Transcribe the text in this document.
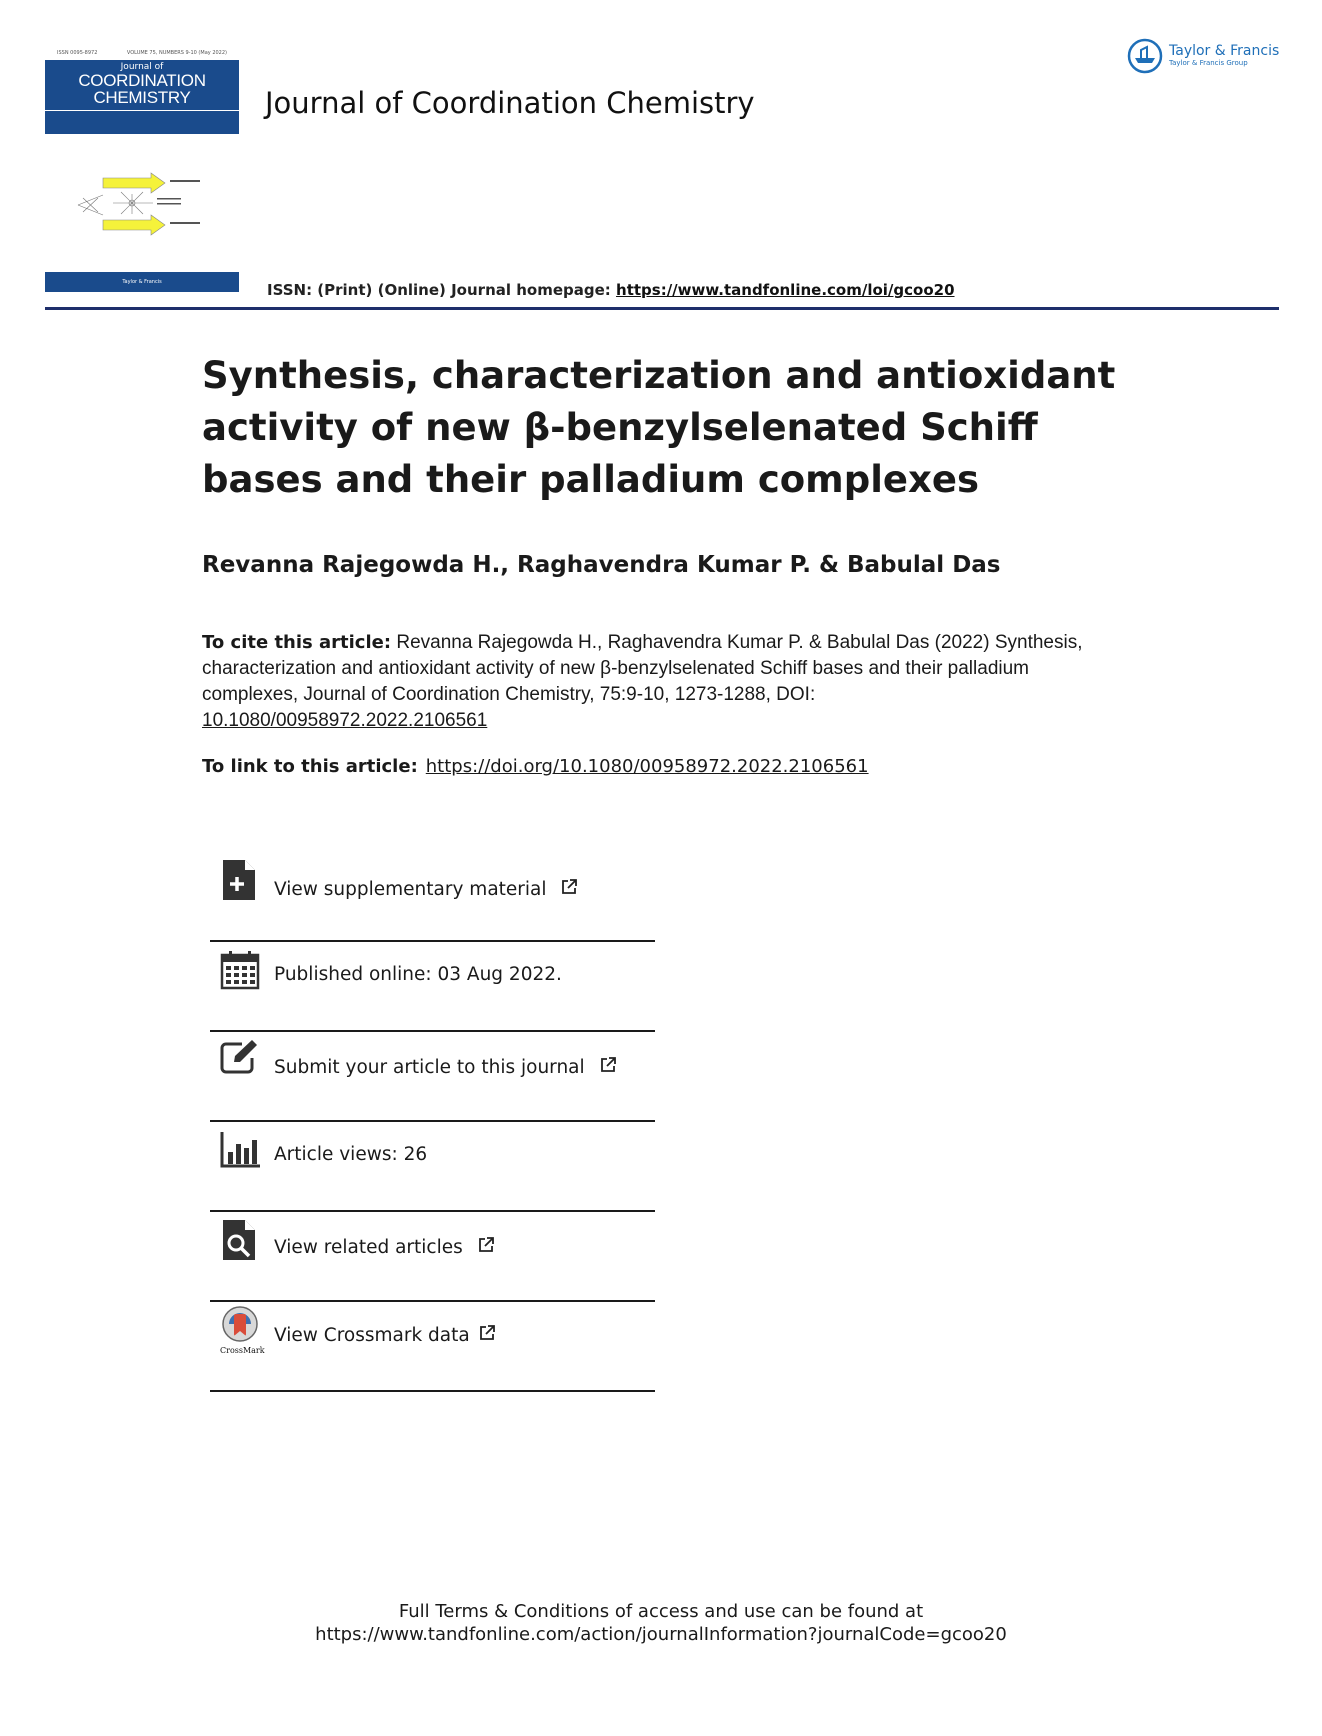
ISSN 0095-8972	VOLUME 75, NUMBERS 9-10 (May 2022)
Journal of
COORDINATION
CHEMISTRY
Taylor & Francis
Journal of Coordination Chemistry
Taylor & Francis
Taylor & Francis Group
ISSN: (Print) (Online) Journal homepage: https://www.tandfonline.com/loi/gcoo20
Synthesis, characterization and antioxidant activity of new β-benzylselenated Schiff bases and their palladium complexes
Revanna Rajegowda H., Raghavendra Kumar P. & Babulal Das
To cite this article: Revanna Rajegowda H., Raghavendra Kumar P. & Babulal Das (2022) Synthesis, characterization and antioxidant activity of new β-benzylselenated Schiff bases and their palladium complexes, Journal of Coordination Chemistry, 75:9-10, 1273-1288, DOI: 10.1080/00958972.2022.2106561
To link to this article: https://doi.org/10.1080/00958972.2022.2106561
View supplementary material
Published online: 03 Aug 2022.
Submit your article to this journal
Article views: 26
View related articles
CrossMark
View Crossmark data
Full Terms & Conditions of access and use can be found at
https://www.tandfonline.com/action/journalInformation?journalCode=gcoo20
